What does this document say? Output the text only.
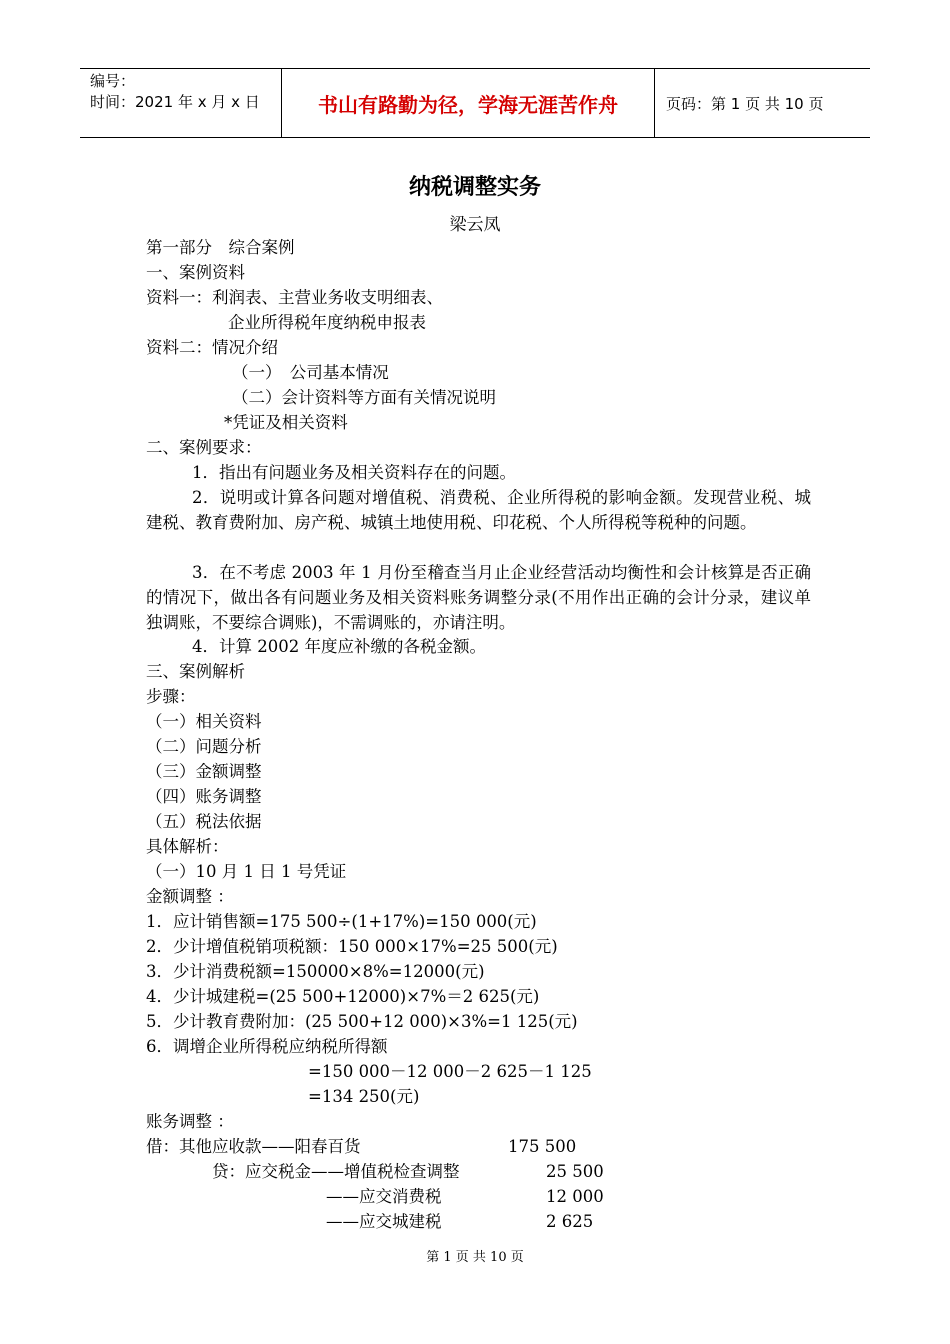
编号：
时间：2021 年 x 月 x 日	书山有路勤为径，学海无涯苦作舟	页码：第 1 页 共 10 页
纳税调整实务
梁云凤
第一部分　综合案例
一、案例资料
资料一：利润表、主营业务收支明细表、
企业所得税年度纳税申报表
资料二：情况介绍
（一）　公司基本情况
（二）会计资料等方面有关情况说明
*凭证及相关资料
二、案例要求：
1．指出有问题业务及相关资料存在的问题。
2．说明或计算各问题对增值税、消费税、企业所得税的影响金额。发现营业税、城建税、教育费附加、房产税、城镇土地使用税、印花税、个人所得税等税种的问题。
3．在不考虑 2003 年 1 月份至稽查当月止企业经营活动均衡性和会计核算是否正确的情况下，做出各有问题业务及相关资料账务调整分录(不用作出正确的会计分录，建议单独调账，不要综合调账)，不需调账的，亦请注明。
4．计算 2002 年度应补缴的各税金额。
三、案例解析
步骤：
（一）相关资料
（二）问题分析
（三）金额调整
（四）账务调整
（五）税法依据
具体解析：
（一）10 月 1 日 1 号凭证
金额调整 ：
1．应计销售额=175 500÷(1+17%)=150 000(元)
2．少计增值税销项税额：150 000×17%=25 500(元)
3．少计消费税额=150000×8%=12000(元)
4．少计城建税=(25 500+12000)×7%＝2 625(元)
5．少计教育费附加：(25 500+12 000)×3%=1 125(元)
6．调增企业所得税应纳税所得额
=150 000－12 000－2 625－1 125
=134 250(元)
账务调整 ：
借：其他应收款——阳春百货	175 500
贷：应交税金——增值税检查调整	25 500
——应交消费税	12 000
——应交城建税	2 625
第 1 页 共 10 页
